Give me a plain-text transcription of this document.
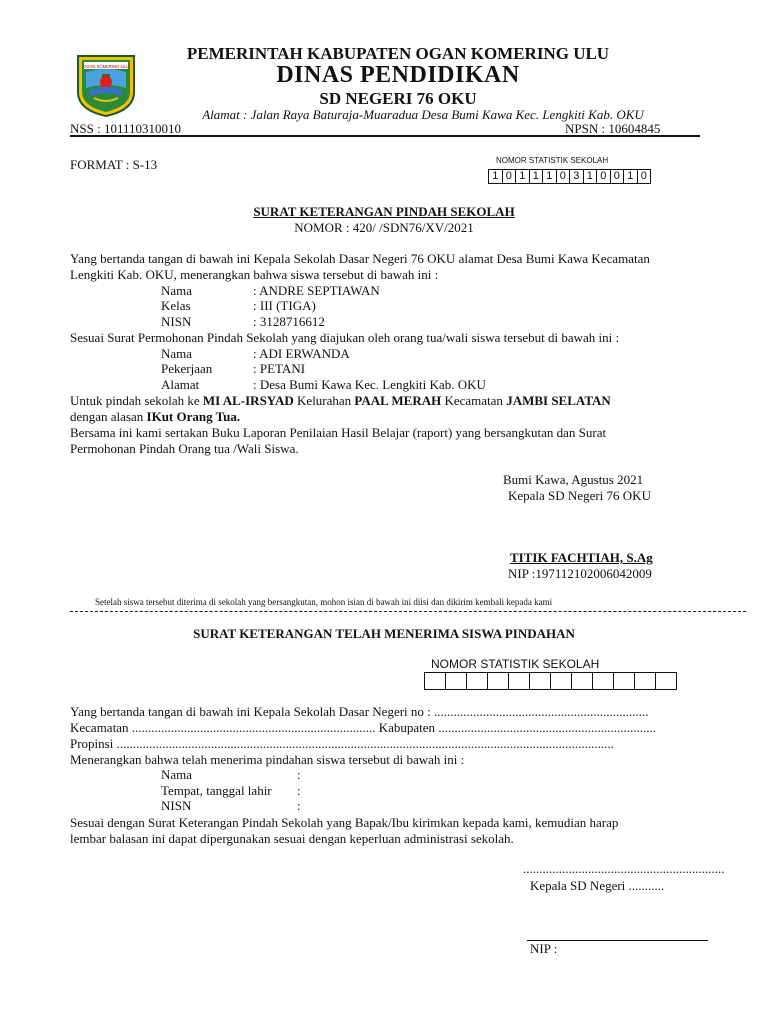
OGAN KOMERING ULU
PEMERINTAH KABUPATEN OGAN KOMERING ULU
DINAS PENDIDIKAN
SD NEGERI 76 OKU
Alamat : Jalan Raya Baturaja-Muaradua Desa Bumi Kawa Kec. Lengkiti Kab. OKU
NSS : 101110310010	NPSN : 10604845
FORMAT : S-13	NOMOR STATISTIK SEKOLAH
1 0 1 1 1 0 3 1 0 0 1 0
SURAT KETERANGAN PINDAH SEKOLAH
NOMOR : 420/ /SDN76/XV/2021
Yang bertanda tangan di bawah ini Kepala Sekolah Dasar Negeri 76 OKU alamat Desa Bumi Kawa Kecamatan
Lengkiti Kab. OKU, menerangkan bahwa siswa tersebut di bawah ini :
Nama	: ANDRE SEPTIAWAN
Kelas	: III (TIGA)
NISN	: 3128716612
Sesuai Surat Permohonan Pindah Sekolah yang diajukan oleh orang tua/wali siswa tersebut di bawah ini :
Nama	: ADI ERWANDA
Pekerjaan	: PETANI
Alamat	: Desa Bumi Kawa Kec. Lengkiti Kab. OKU
Untuk pindah sekolah ke MI AL-IRSYAD Kelurahan PAAL MERAH Kecamatan JAMBI SELATAN
dengan alasan IKut Orang Tua.
Bersama ini kami sertakan Buku Laporan Penilaian Hasil Belajar (raport) yang bersangkutan dan Surat
Permohonan Pindah Orang tua /Wali Siswa.
Bumi Kawa, Agustus 2021
Kepala SD Negeri 76 OKU
TITIK FACHTIAH, S.Ag
NIP :197112102006042009
Setelah siswa tersebut diterima di sekolah yang bersangkutan, mohon isian di bawah ini diisi dan dikirim kembali kepada kami
SURAT KETERANGAN TELAH MENERIMA SISWA PINDAHAN
NOMOR STATISTIK SEKOLAH
Yang bertanda tangan di bawah ini Kepala Sekolah Dasar Negeri no : ..................................................................
Kecamatan ........................................................................... Kabupaten ...................................................................
Propinsi .........................................................................................................................................................
Menerangkan bahwa telah menerima pindahan siswa tersebut di bawah ini :
Nama	:
Tempat, tanggal lahir :
NISN	:
Sesuai dengan Surat Keterangan Pindah Sekolah yang Bapak/Ibu kirimkan kepada kami, kemudian harap
lembar balasan ini dapat dipergunakan sesuai dengan keperluan administrasi sekolah.
..............................................................
Kepala SD Negeri ...........
NIP :
